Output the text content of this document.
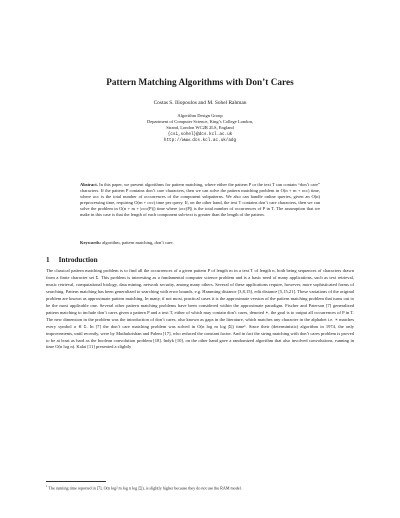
Pattern Matching Algorithms with Don’t Cares
Costas S. Iliopoulos and M. Sohel Rahman
Algorithm Design Group
Department of Computer Science, King’s College London,
Strand, London WC2R 2LS, England
{csi,sohel}@dcs.kcl.ac.uk
http://www.dcs.kcl.ac.uk/adg
Abstract. In this paper, we present algorithms for pattern matching, where either the pattern P or the text T can contain “don’t care” characters. If the pattern P contains don’t care characters, then we can solve the pattern matching problem in O(n + m + occ) time, where occ is the total number of occurrences of the component subpatterns. We also can handle online queries, given an O(n) preprocessing time, requiring O(m + occ) time per query. If, on the other hand, the text T contains don’t care characters, then we can solve the problem in O(n + m + |occ(P)|) time where |occ(P)| is the total number of occurrences of P in T. The assumption that we make in this case is that the length of each component sub-text is greater than the length of the pattern.
Keywords: algorithm, pattern matching, don’t care.
1 Introduction
The classical pattern matching problem is to find all the occurrences of a given pattern P of length m in a text T of length n, both being sequences of characters drawn from a finite character set Σ. This problem is interesting as a fundamental computer science problem and is a basic need of many applications, such as text retrieval, music retrieval, computational biology, data mining, network security, among many others. Several of these applications require, however, more sophisticated forms of searching. Pattern matching has been generalized to searching with error bounds, e.g. Hamming distance [3,8,15], edit distance [5,15,21]. These variations of the original problem are known as approximate pattern matching. In many, if not most, practical cases it is the approximate version of the pattern matching problem that turns out to be the most applicable one. Several other pattern matching problems have been considered within the approximate paradigm. Fischer and Paterson [7] generalized pattern matching to include don’t cares given a pattern P and a text T, either of which may contain don’t cares, denoted ∗, the goal is to output all occurrences of P in T. The new dimension in the problem was the introduction of don’t cares, also known as gaps in the literature, which matches any character in the alphabet i.e. ∗ matches every symbol σ ∈ Σ. In [7] the don’t care matching problem was solved in O(n log m log |Σ|) time¹. Since their (deterministic) algorithm in 1974, the only improvements, until recently, were by Muthukrishan and Palem [17], who reduced the constant factor. And in fact the string matching with don’t cares problem is proved to be at least as hard as the boolean convolution problem [18]. Indyk [10], on the other hand gave a randomized algorithm that also involved convolutions, running in time O(n log n). Kalai [11] presented a slightly
$^1$ The running time reported in [7], O(n log² m log n log |Σ|), is slightly higher because they do not use the RAM model.
